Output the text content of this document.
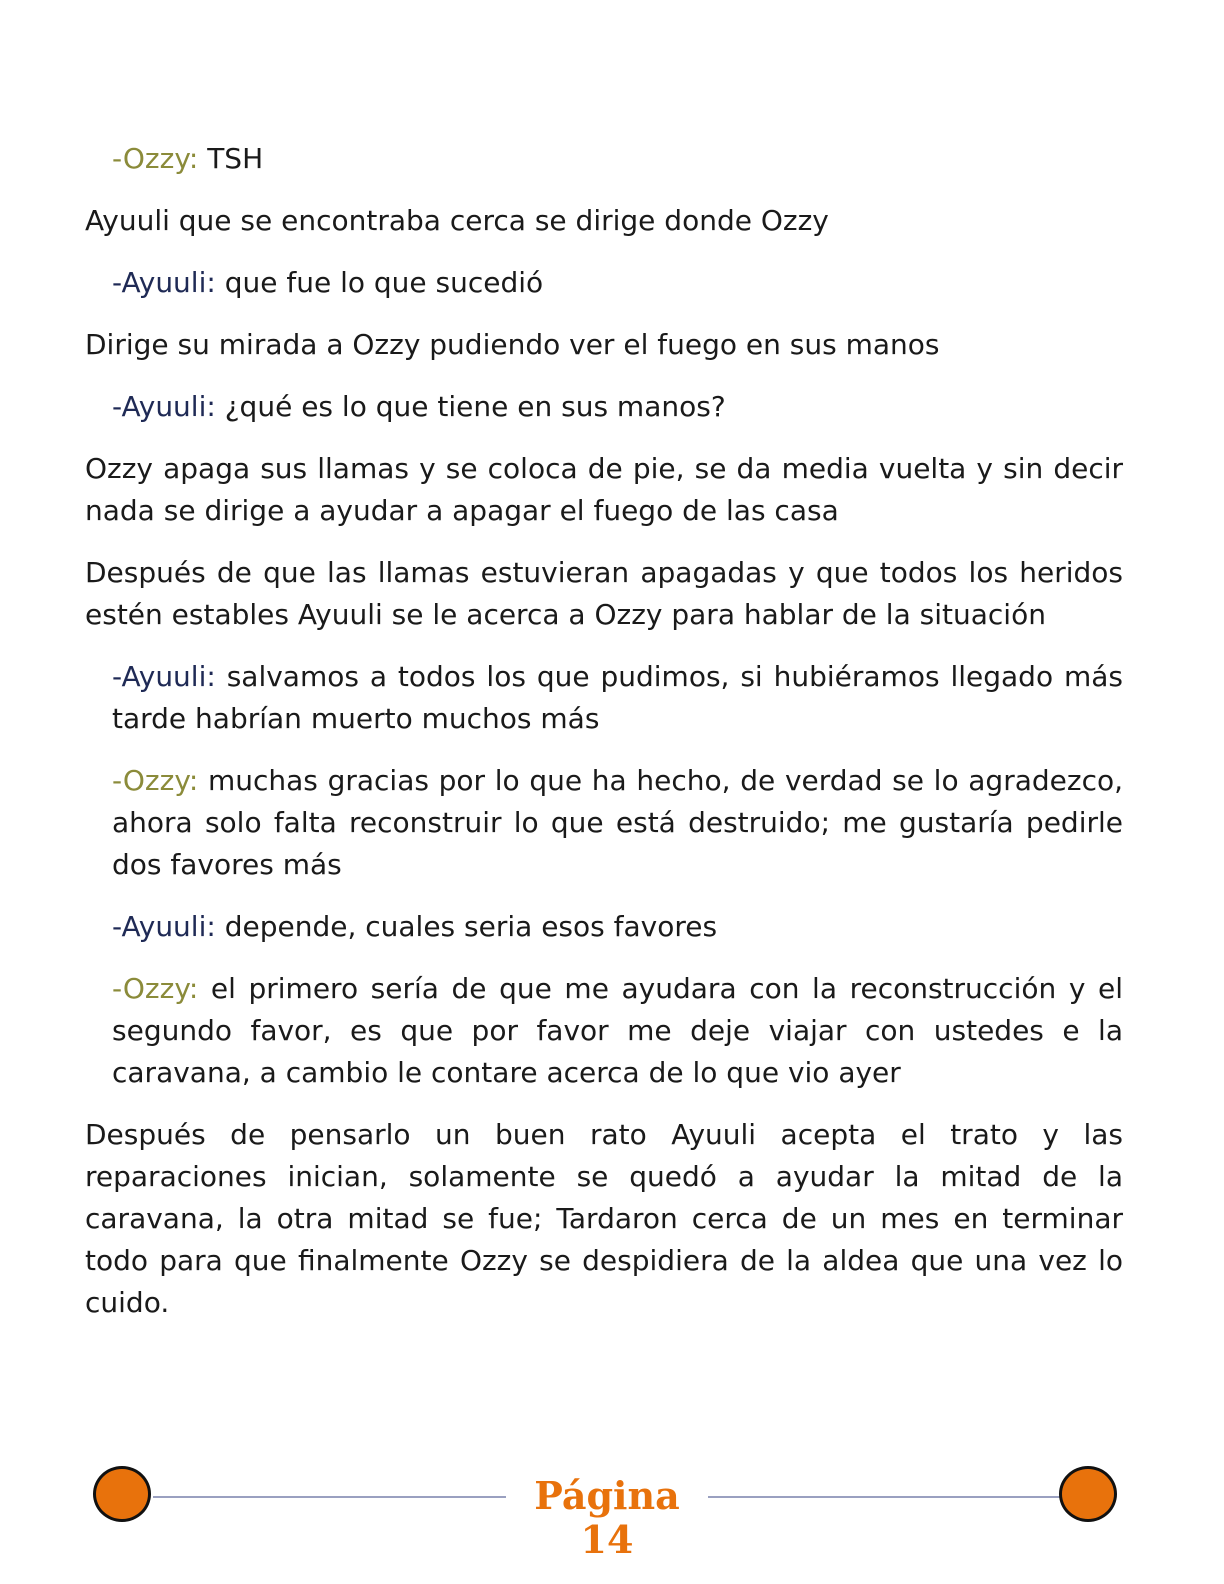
-Ozzy: TSH

Ayuuli que se encontraba cerca se dirige donde Ozzy

-Ayuuli: que fue lo que sucedió

Dirige su mirada a Ozzy pudiendo ver el fuego en sus manos

-Ayuuli: ¿qué es lo que tiene en sus manos?

Ozzy apaga sus llamas y se coloca de pie, se da media vuelta y sin decir nada se dirige a ayudar a apagar el fuego de las casa

Después de que las llamas estuvieran apagadas y que todos los heridos estén estables Ayuuli se le acerca a Ozzy para hablar de la situación

-Ayuuli: salvamos a todos los que pudimos, si hubiéramos llegado más tarde habrían muerto muchos más

-Ozzy: muchas gracias por lo que ha hecho, de verdad se lo agradezco, ahora solo falta reconstruir lo que está destruido; me gustaría pedirle dos favores más

-Ayuuli: depende, cuales seria esos favores

-Ozzy: el primero sería de que me ayudara con la reconstrucción y el segundo favor, es que por favor me deje viajar con ustedes e la caravana, a cambio le contare acerca de lo que vio ayer

Después de pensarlo un buen rato Ayuuli acepta el trato y las reparaciones inician, solamente se quedó a ayudar la mitad de la caravana, la otra mitad se fue; Tardaron cerca de un mes en terminar todo para que finalmente Ozzy se despidiera de la aldea que una vez lo cuido.

Página
14
